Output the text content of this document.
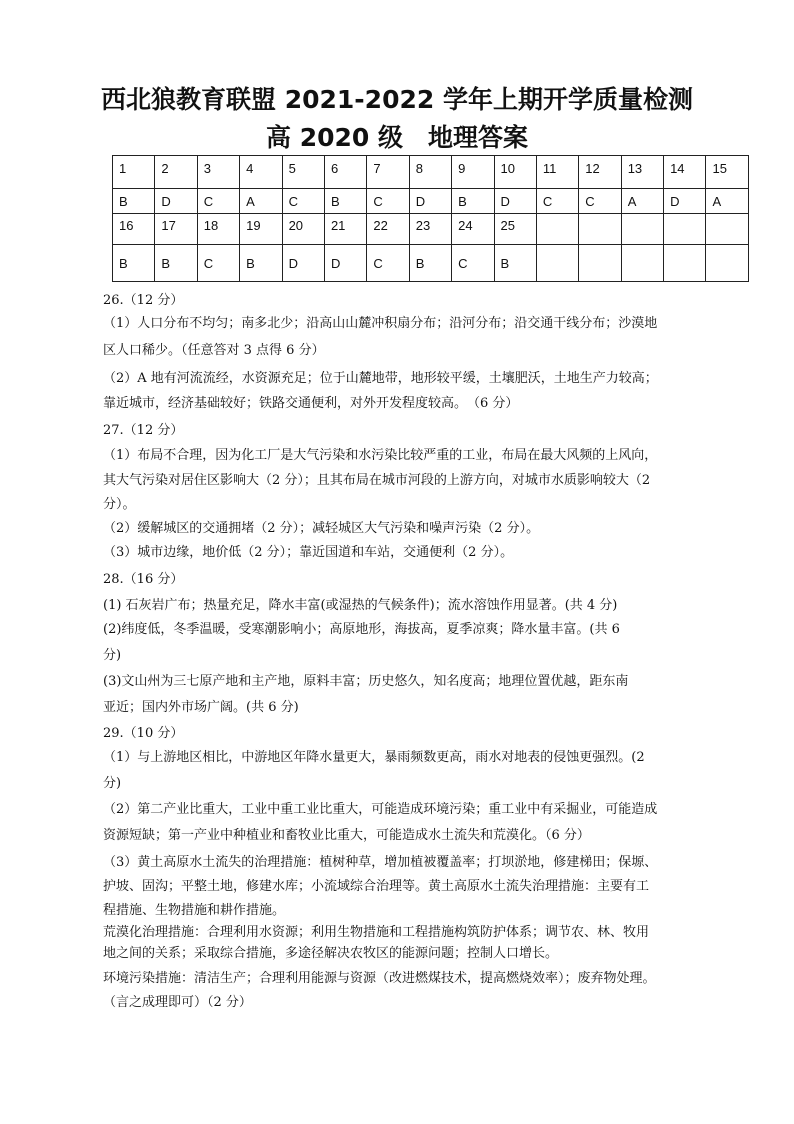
西北狼教育联盟 2021-2022 学年上期开学质量检测
高 2020 级　地理答案
1	2	3	4	5	6	7	8	9	10	11	12	13	14	15
B	D	C	A	C	B	C	D	B	D	C	C	A	D	A
16	17	18	19	20	21	22	23	24	25					
B	B	C	B	D	D	C	B	C	B					
26.（12 分）
（1）人口分布不均匀；南多北少；沿高山山麓冲积扇分布；沿河分布；沿交通干线分布；沙漠地
区人口稀少。（任意答对 3 点得 6 分）
（2）A 地有河流流经，水资源充足；位于山麓地带，地形较平缓，土壤肥沃，土地生产力较高；
靠近城市，经济基础较好；铁路交通便利，对外开发程度较高。　（6 分）
27.（12 分）
（1）布局不合理，因为化工厂是大气污染和水污染比较严重的工业，布局在最大风频的上风向，
其大气污染对居住区影响大（2 分）；且其布局在城市河段的上游方向，对城市水质影响较大（2
分）。
（2）缓解城区的交通拥堵（2 分）；减轻城区大气污染和噪声污染（2 分）。
（3）城市边缘，地价低（2 分）；靠近国道和车站，交通便利（2 分）。
28.（16 分）
(1) 石灰岩广布；热量充足，降水丰富(或湿热的气候条件)；流水溶蚀作用显著。(共 4 分)
(2)纬度低，冬季温暖，受寒潮影响小；高原地形，海拔高，夏季凉爽；降水量丰富。(共 6
分)
(3)文山州为三七原产地和主产地，原料丰富；历史悠久，知名度高；地理位置优越，距东南
亚近；国内外市场广阔。(共 6 分)
29.（10 分）
（1）与上游地区相比，中游地区年降水量更大，暴雨频数更高，雨水对地表的侵蚀更强烈。(2
分)
（2）第二产业比重大，工业中重工业比重大，可能造成环境污染；重工业中有采掘业，可能造成
资源短缺；第一产业中种植业和畜牧业比重大，可能造成水土流失和荒漠化。（6 分）
（3）黄土高原水土流失的治理措施：植树种草，增加植被覆盖率；打坝淤地，修建梯田；保塬、
护坡、固沟；平整土地，修建水库；小流域综合治理等。黄土高原水土流失治理措施：主要有工
程措施、生物措施和耕作措施。
荒漠化治理措施：合理利用水资源；利用生物措施和工程措施构筑防护体系；调节农、林、牧用
地之间的关系；采取综合措施，多途径解决农牧区的能源问题；控制人口增长。
环境污染措施：清洁生产；合理利用能源与资源（改进燃煤技术，提高燃烧效率）；废弃物处理。
（言之成理即可）（2 分）
